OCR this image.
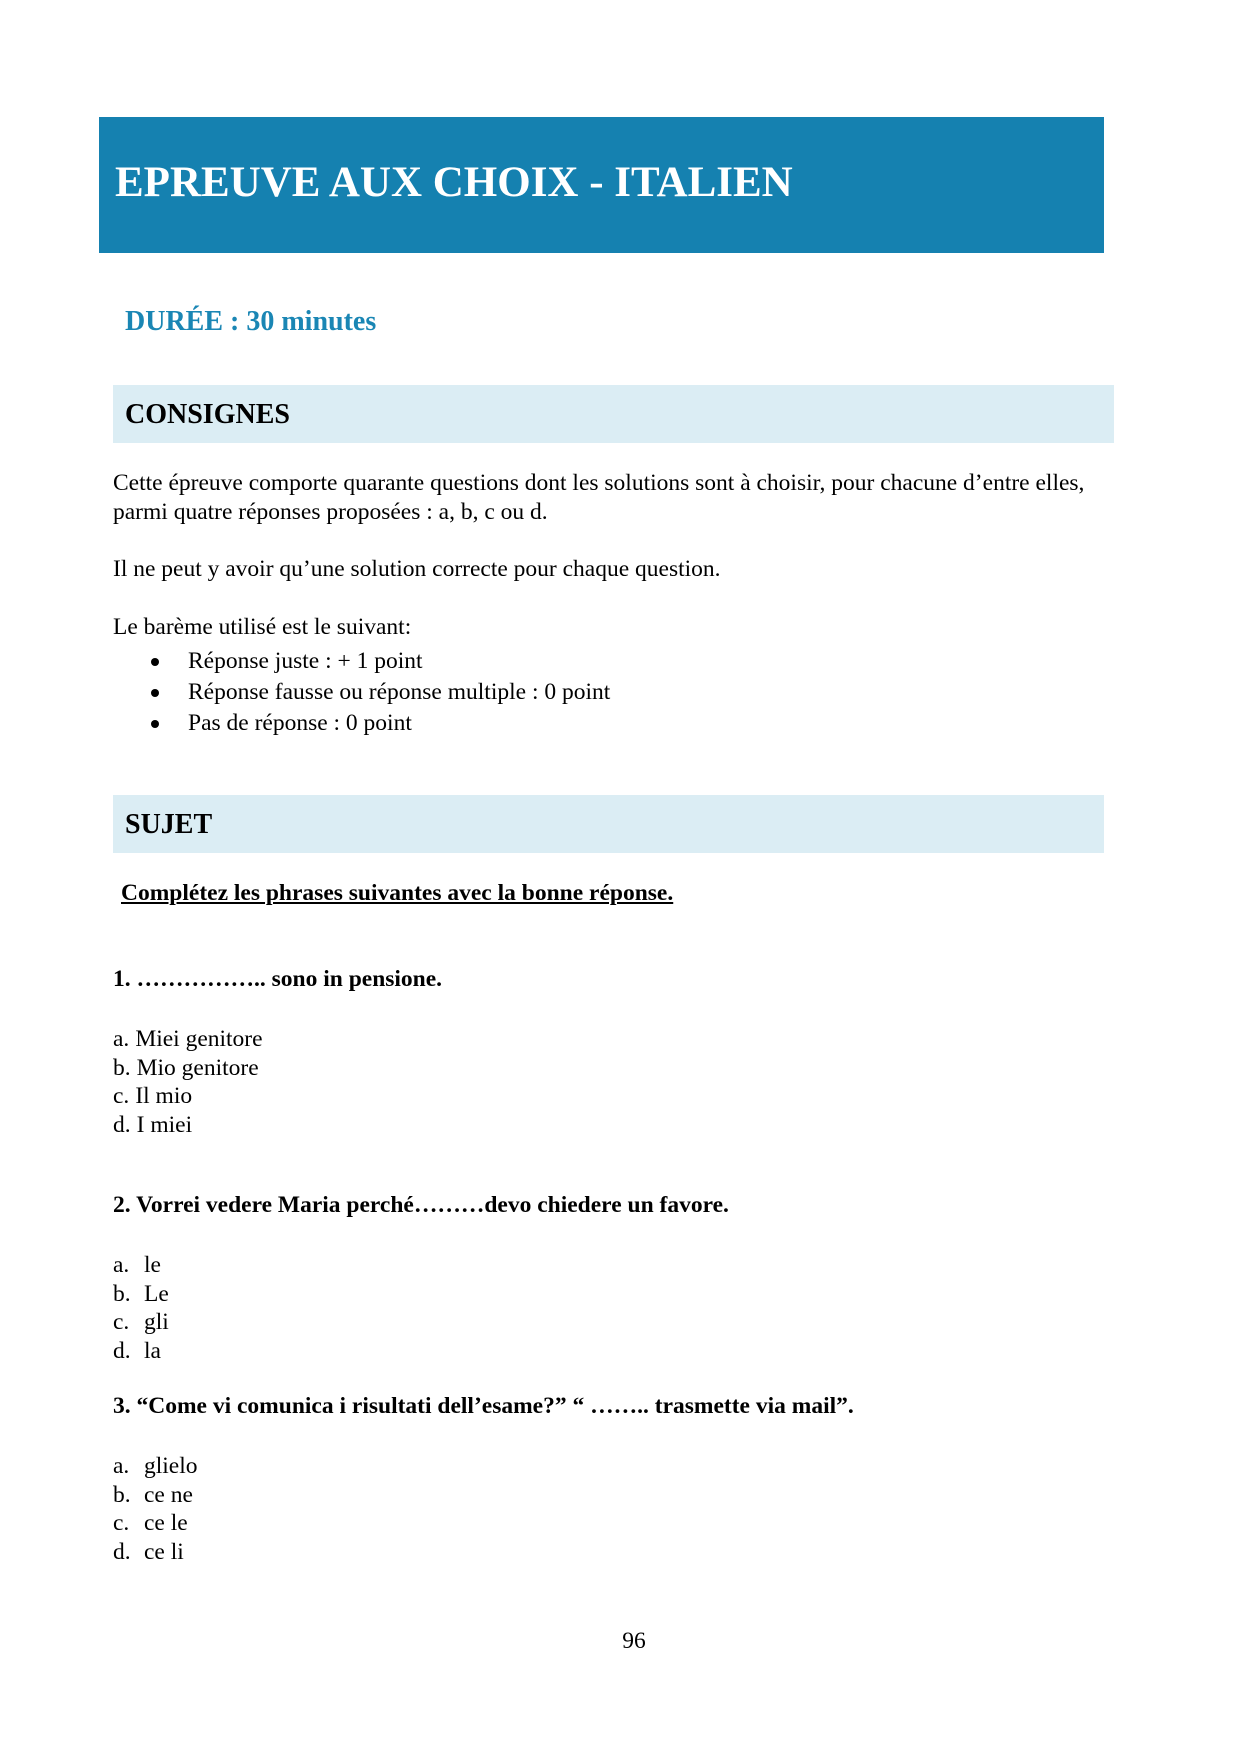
EPREUVE AUX CHOIX - ITALIEN

DURÉE : 30 minutes

CONSIGNES

Cette épreuve comporte quarante questions dont les solutions sont à choisir, pour chacune d’entre elles,

parmi quatre réponses proposées : a, b, c ou d.

Il ne peut y avoir qu’une solution correcte pour chaque question.

Le barème utilisé est le suivant:

Réponse juste : + 1 point
Réponse fausse ou réponse multiple : 0 point
Pas de réponse : 0 point
SUJET

Complétez les phrases suivantes avec la bonne réponse.

1. …………….. sono in pensione.

a. Miei genitore
b. Mio genitore
c. Il mio
d. I miei

2. Vorrei vedere Maria perché………devo chiedere un favore.

a. le
b. Le
c. gli
d. la

3. “Come vi comunica i risultati dell’esame?” “ …….. trasmette via mail”.

a. glielo
b. ce ne
c. ce le
d. ce li

96
